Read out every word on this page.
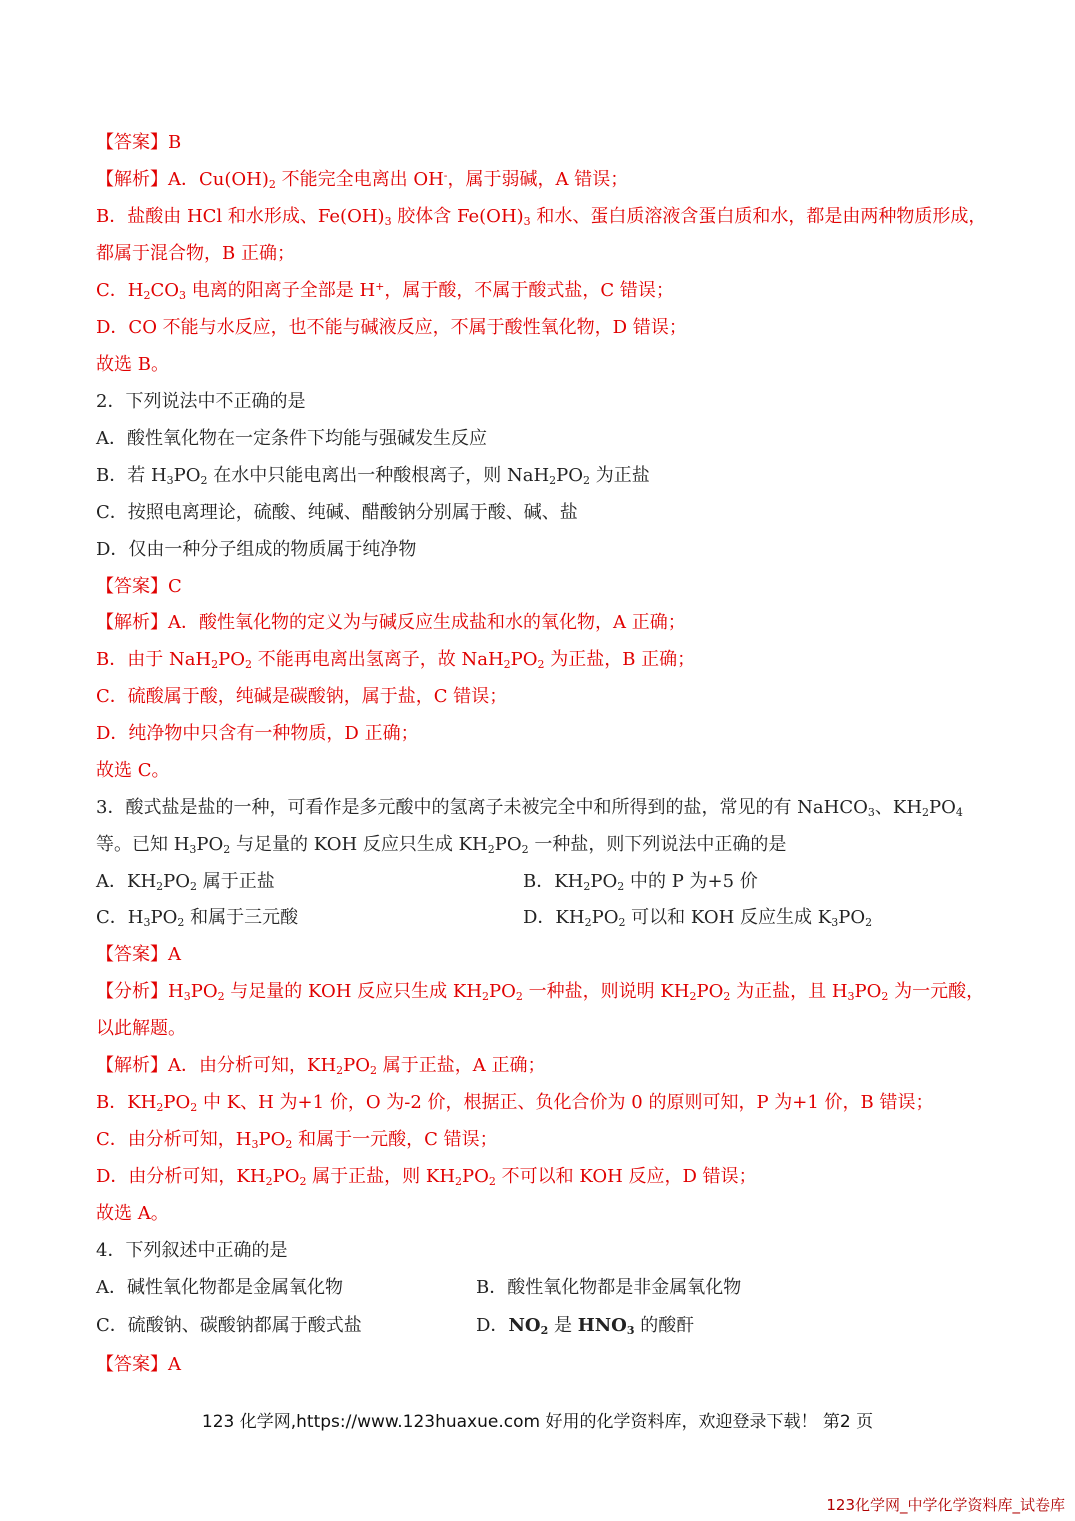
【答案】B
【解析】A．$Cu(OH)_2$ 不能完全电离出 OH-，属于弱碱，A 错误；
B．盐酸由 HCl 和水形成、$Fe(OH)_3$ 胶体含 $Fe(OH)_3$ 和水、蛋白质溶液含蛋白质和水，都是由两种物质形成，
都属于混合物，B 正确；
C．$H_2CO_3$ 电离的阳离子全部是 H+，属于酸，不属于酸式盐，C 错误；
D．CO 不能与水反应，也不能与碱液反应，不属于酸性氧化物，D 错误；
故选 B。
2．下列说法中不正确的是
A．酸性氧化物在一定条件下均能与强碱发生反应
B．若 $H_3PO_2$ 在水中只能电离出一种酸根离子，则 $NaH_2PO_2$ 为正盐
C．按照电离理论，硫酸、纯碱、醋酸钠分别属于酸、碱、盐
D．仅由一种分子组成的物质属于纯净物
【答案】C
【解析】A．酸性氧化物的定义为与碱反应生成盐和水的氧化物，A 正确；
B．由于 $NaH_2PO_2$ 不能再电离出氢离子，故 $NaH_2PO_2$ 为正盐，B 正确；
C．硫酸属于酸，纯碱是碳酸钠，属于盐，C 错误；
D．纯净物中只含有一种物质，D 正确；
故选 C。
3．酸式盐是盐的一种，可看作是多元酸中的氢离子未被完全中和所得到的盐，常见的有 NaHCO$_3$、$KH_2PO_4$
等。已知 $H_3PO_2$ 与足量的 KOH 反应只生成 $KH_2PO_2$ 一种盐，则下列说法中正确的是
A．$KH_2PO_2$ 属于正盐	B．$KH_2PO_2$ 中的 P 为+5 价
C．$H_3PO_2$ 和属于三元酸	D．$KH_2PO_2$ 可以和 KOH 反应生成 $K_3PO_2$
【答案】A
【分析】$H_3PO_2$ 与足量的 KOH 反应只生成 $KH_2PO_2$ 一种盐，则说明 $KH_2PO_2$ 为正盐，且 $H_3PO_2$ 为一元酸，
以此解题。
【解析】A．由分析可知，$KH_2PO_2$ 属于正盐，A 正确；
B．$KH_2PO_2$ 中 K、H 为+1 价，O 为-2 价，根据正、负化合价为 0 的原则可知，P 为+1 价，B 错误；
C．由分析可知，$H_3PO_2$ 和属于一元酸，C 错误；
D．由分析可知，$KH_2PO_2$ 属于正盐，则 $KH_2PO_2$ 不可以和 KOH 反应，D 错误；
故选 A。
4．下列叙述中正确的是
A．碱性氧化物都是金属氧化物	B．酸性氧化物都是非金属氧化物
C．硫酸钠、碳酸钠都属于酸式盐	D．$NO_2$ 是 $HNO_3$ 的酸酐
【答案】A
123 化学网,https://www.123huaxue.com 好用的化学资料库，欢迎登录下载！ 第2 页
123化学网_中学化学资料库_试卷库
